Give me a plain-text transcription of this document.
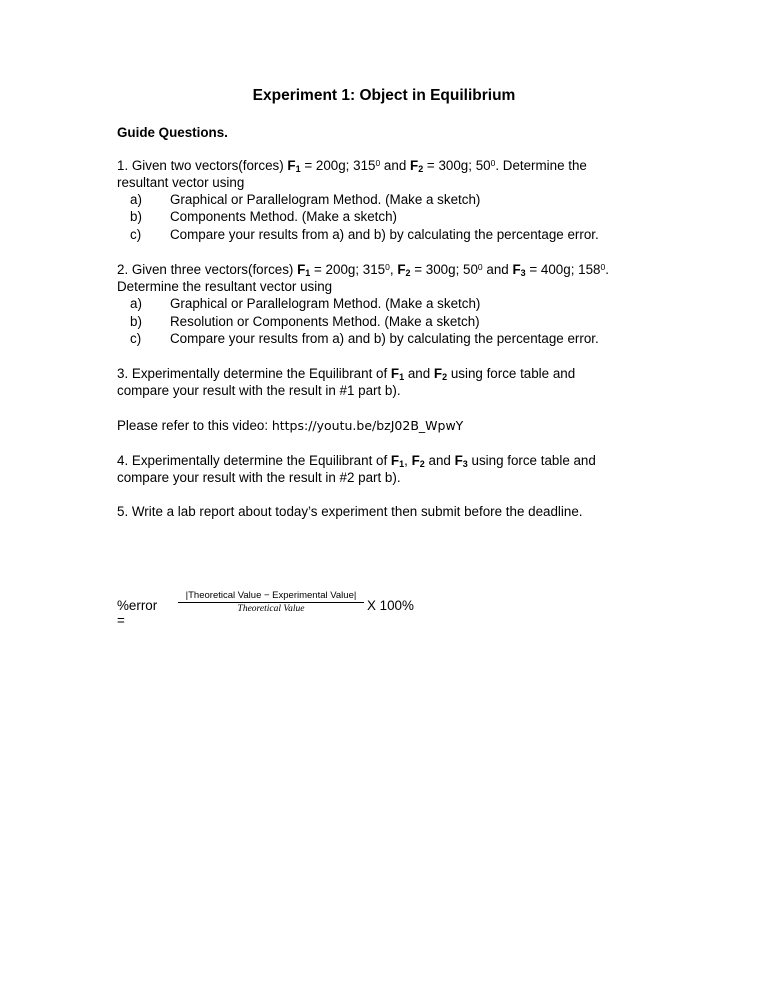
Experiment 1: Object in Equilibrium
Guide Questions.
1. Given two vectors(forces) $F_1 = 200g$; $315^0$ and $F_2 = 300g$; $50^0$. Determine the
resultant vector using
a) Graphical or Parallelogram Method. (Make a sketch)
b) Components Method. (Make a sketch)
c) Compare your results from a) and b) by calculating the percentage error.
2. Given three vectors(forces) $F_1 = 200g$; $315^0$, $F_2 = 300g$; $50^0$ and $F_3 = 400g$; $158^0$.
Determine the resultant vector using
a) Graphical or Parallelogram Method. (Make a sketch)
b) Resolution or Components Method. (Make a sketch)
c) Compare your results from a) and b) by calculating the percentage error.
3. Experimentally determine the Equilibrant of $F_1$ and $F_2$ using force table and
compare your result with the result in #1 part b).
Please refer to this video: https://youtu.be/bzJ02B_WpwY
4. Experimentally determine the Equilibrant of $F_1$, $F_2$ and $F_3$ using force table and
compare your result with the result in #2 part b).
5. Write a lab report about today’s experiment then submit before the deadline.
%error =
|Theoretical Value − Experimental Value|
Theoretical Value	X 100%
